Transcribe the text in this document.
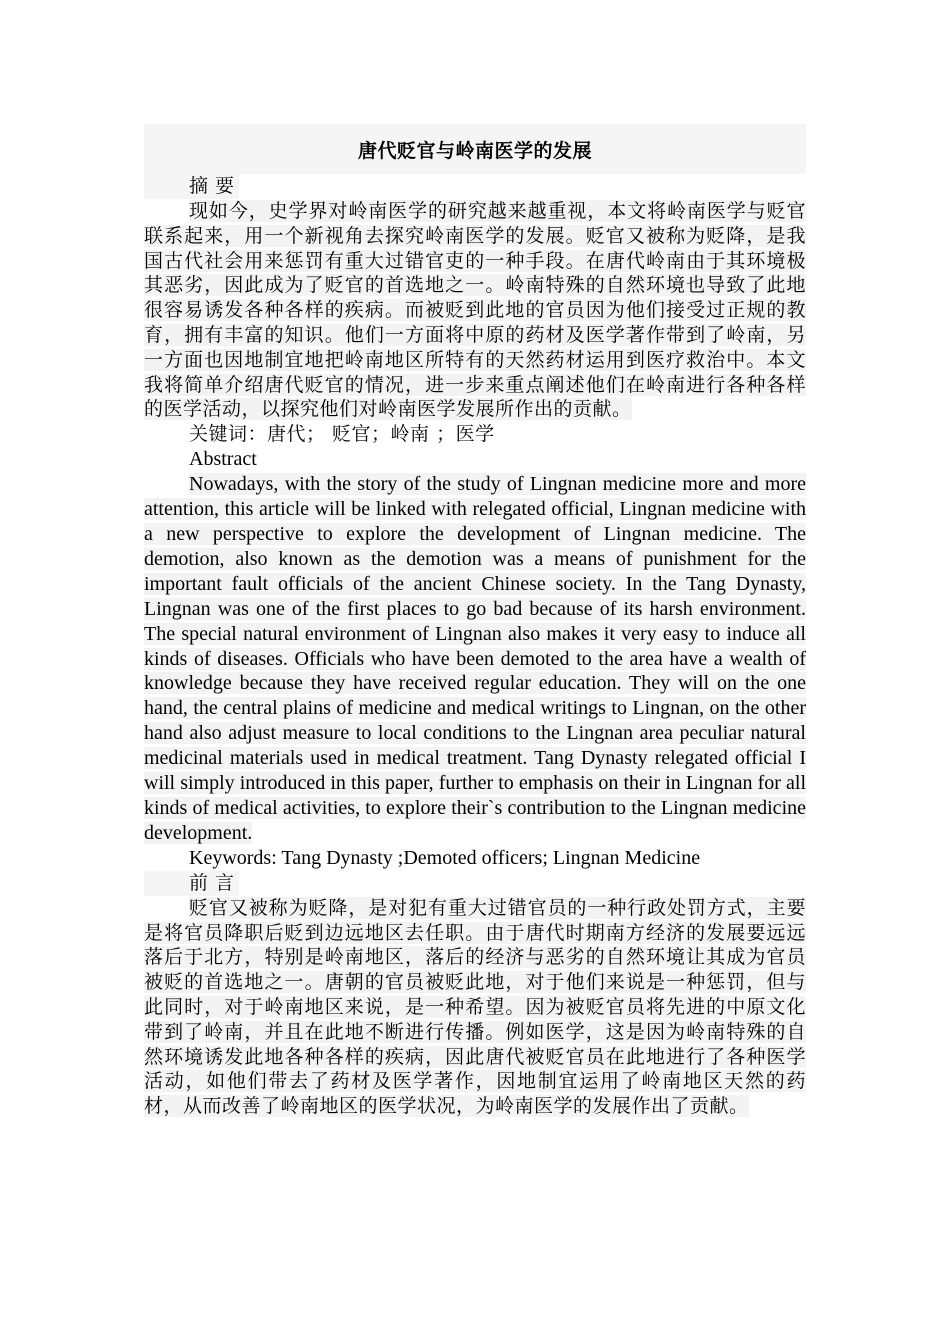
唐代贬官与岭南医学的发展
摘 要

现如今，史学界对岭南医学的研究越来越重视，本文将岭南医学与贬官联系起来，用一个新视角去探究岭南医学的发展。贬官又被称为贬降，是我国古代社会用来惩罚有重大过错官吏的一种手段。在唐代岭南由于其环境极其恶劣，因此成为了贬官的首选地之一。岭南特殊的自然环境也导致了此地很容易诱发各种各样的疾病。而被贬到此地的官员因为他们接受过正规的教育，拥有丰富的知识。他们一方面将中原的药材及医学著作带到了岭南，另一方面也因地制宜地把岭南地区所特有的天然药材运用到医疗救治中。本文我将简单介绍唐代贬官的情况，进一步来重点阐述他们在岭南进行各种各样的医学活动，以探究他们对岭南医学发展所作出的贡献。

关键词：唐代； 贬官；岭南 ；医学
Abstract

Nowadays, with the story of the study of Lingnan medicine more and more attention, this article will be linked with relegated official, Lingnan medicine with a new perspective to explore the development of Lingnan medicine. The demotion, also known as the demotion was a means of punishment for the important fault officials of the ancient Chinese society. In the Tang Dynasty, Lingnan was one of the first places to go bad because of its harsh environment. The special natural environment of Lingnan also makes it very easy to induce all kinds of diseases. Officials who have been demoted to the area have a wealth of knowledge because they have received regular education. They will on the one hand, the central plains of medicine and medical writings to Lingnan, on the other hand also adjust measure to local conditions to the Lingnan area peculiar natural medicinal materials used in medical treatment. Tang Dynasty relegated official I will simply introduced in this paper, further to emphasis on their in Lingnan for all kinds of medical activities, to explore their`s contribution to the Lingnan medicine development.

Keywords: Tang Dynasty ;Demoted officers; Lingnan Medicine
前 言

贬官又被称为贬降，是对犯有重大过错官员的一种行政处罚方式，主要是将官员降职后贬到边远地区去任职。由于唐代时期南方经济的发展要远远落后于北方，特别是岭南地区，落后的经济与恶劣的自然环境让其成为官员被贬的首选地之一。唐朝的官员被贬此地，对于他们来说是一种惩罚，但与此同时，对于岭南地区来说，是一种希望。因为被贬官员将先进的中原文化带到了岭南，并且在此地不断进行传播。例如医学，这是因为岭南特殊的自然环境诱发此地各种各样的疾病，因此唐代被贬官员在此地进行了各种医学活动，如他们带去了药材及医学著作，因地制宜运用了岭南地区天然的药材，从而改善了岭南地区的医学状况，为岭南医学的发展作出了贡献。
